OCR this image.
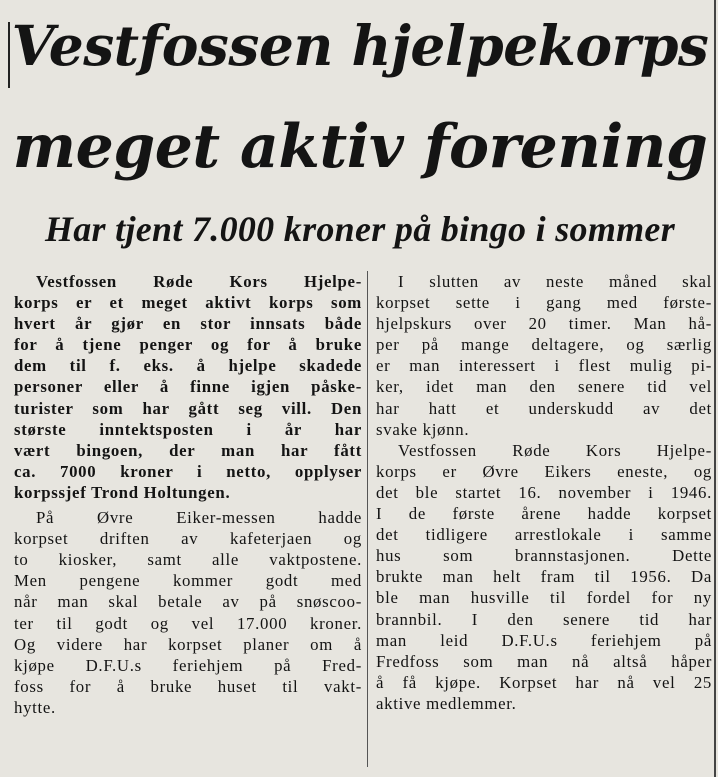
Vestfossen hjelpekorps
meget aktiv forening
Har tjent 7.000 kroner på bingo i sommer
Vestfossen Røde Kors Hjelpe-
korps er et meget aktivt korps som
hvert år gjør en stor innsats både
for å tjene penger og for å bruke
dem til f. eks. å hjelpe skadede
personer eller å finne igjen påske-
turister som har gått seg vill. Den
største inntektsposten i år har
vært bingoen, der man har fått
ca. 7000 kroner i netto, opplyser
korpssjef Trond Holtungen.
På Øvre Eiker-messen hadde
korpset driften av kafeterjaen og
to kiosker, samt alle vaktpostene.
Men pengene kommer godt med
når man skal betale av på snøscoo-
ter til godt og vel 17.000 kroner.
Og videre har korpset planer om å
kjøpe D.F.U.s feriehjem på Fred-
foss for å bruke huset til vakt-
hytte.
I slutten av neste måned skal
korpset sette i gang med første-
hjelpskurs over 20 timer. Man hå-
per på mange deltagere, og særlig
er man interessert i flest mulig pi-
ker, idet man den senere tid vel
har hatt et underskudd av det
svake kjønn.
Vestfossen Røde Kors Hjelpe-
korps er Øvre Eikers eneste, og
det ble startet 16. november i 1946.
I de første årene hadde korpset
det tidligere arrestlokale i samme
hus som brannstasjonen. Dette
brukte man helt fram til 1956. Da
ble man husville til fordel for ny
brannbil. I den senere tid har
man leid D.F.U.s feriehjem på
Fredfoss som man nå altså håper
å få kjøpe. Korpset har nå vel 25
aktive medlemmer.
